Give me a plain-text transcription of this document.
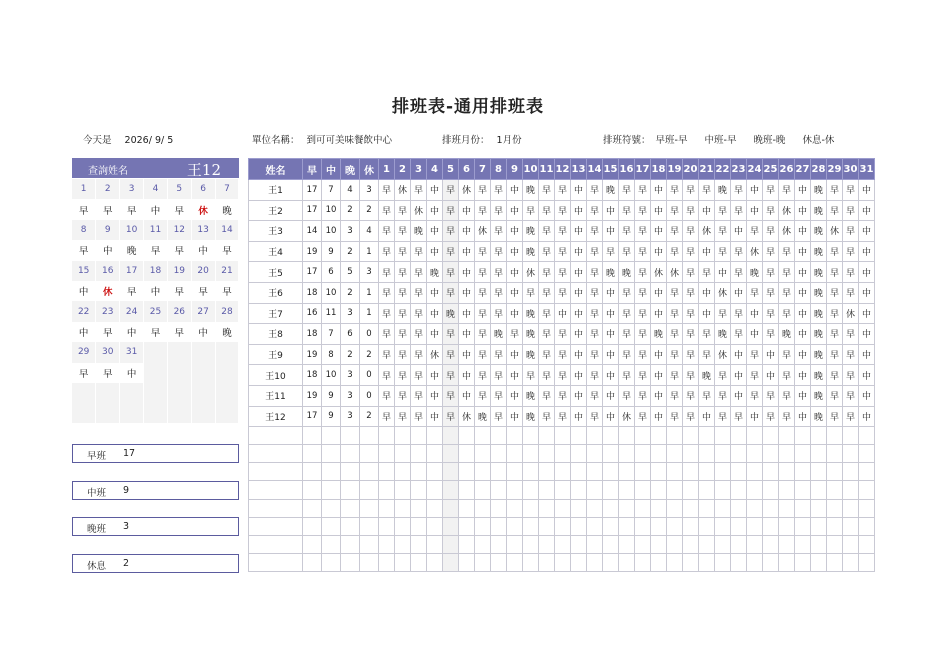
排班表-通用排班表
今天是 2026/ 9/ 5	單位名稱： 到可可美味餐飲中心	排班月份： 1月份	排班符號： 早班-早 中班-早 晚班-晚 休息-休
查詢姓名	王12
1	2	3	4	5	6	7
早	早	早	中	早	休	晚
8	9	10	11	12	13	14
早	中	晚	早	早	中	早
15	16	17	18	19	20	21
中	休	早	中	早	早	早
22	23	24	25	26	27	28
中	早	中	早	早	中	晚
29	30	31				
早	早	中				

早班 17
中班 9
晚班 3
休息 2
姓名	早	中	晚	休	1	2	3	4	5	6	7	8	9	10	11	12	13	14	15	16	17	18	19	20	21	22	23	24	25	26	27	28	29	30	31
王1	17	7	4	3	早	休	早	中	早	休	早	早	中	晚	早	早	中	早	晚	早	早	中	早	早	早	晚	早	中	早	早	中	晚	早	早	中
王2	17	10	2	2	早	早	休	中	早	中	早	早	中	早	早	早	中	早	中	早	早	中	早	早	中	早	早	中	早	休	中	晚	早	早	中
王3	14	10	3	4	早	早	晚	中	早	中	休	早	中	晚	早	早	中	早	中	早	早	中	早	早	休	早	中	早	早	休	中	晚	休	早	中
王4	19	9	2	1	早	早	早	中	早	中	早	早	中	晚	早	早	中	早	早	早	早	中	早	早	中	早	早	休	早	早	中	晚	早	早	中
王5	17	6	5	3	早	早	早	晚	早	中	早	早	中	休	早	早	中	早	晚	晚	早	休	休	早	早	中	早	晚	早	早	中	晚	早	早	中
王6	18	10	2	1	早	早	早	中	早	中	早	早	中	早	早	早	中	早	中	早	早	中	早	早	中	休	中	早	早	早	中	晚	早	早	中
王7	16	11	3	1	早	早	早	中	晚	中	早	早	中	晚	早	中	中	早	中	早	早	中	早	早	中	早	早	中	早	早	中	晚	早	休	中
王8	18	7	6	0	早	早	早	中	早	中	早	晚	早	晚	早	早	中	早	中	早	早	晚	早	早	早	晚	早	中	早	晚	中	晚	早	早	中
王9	19	8	2	2	早	早	早	休	早	中	早	早	中	晚	早	早	中	早	中	早	早	中	早	早	早	休	中	早	中	早	中	晚	早	早	中
王10	18	10	3	0	早	早	早	中	早	中	早	早	中	早	早	早	中	早	中	早	早	中	早	早	晚	早	中	早	中	早	中	晚	早	早	中
王11	19	9	3	0	早	早	早	中	早	中	早	早	中	晚	早	早	中	早	中	早	早	中	早	早	早	早	中	早	早	早	中	晚	早	早	中
王12	17	9	3	2	早	早	早	中	早	休	晚	早	中	晚	早	早	中	早	中	休	早	中	早	早	中	早	早	中	早	早	中	晚	早	早	中
